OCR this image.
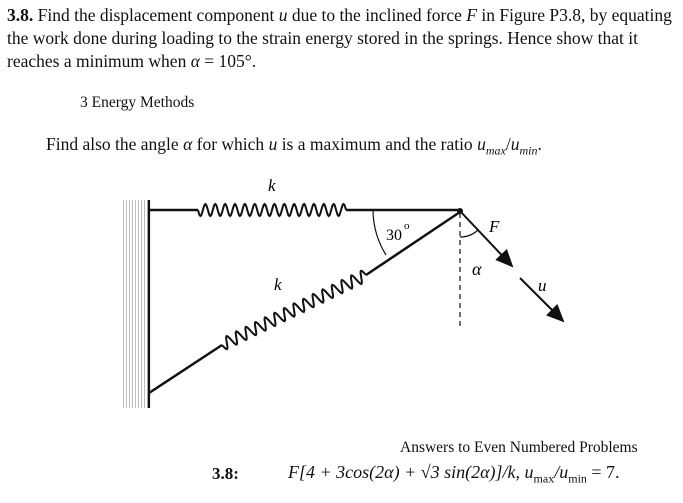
3.8. Find the displacement component u due to the inclined force F in Figure P3.8, by equating the work done during loading to the strain energy stored in the springs. Hence show that it reaches a minimum when α = 105°.
3 Energy Methods
Find also the angle α for which u is a maximum and the ratio $u_{max}/u_{min}$.
k
k
30
o	F
α
u
Answers to Even Numbered Problems
3.8:	F[4 + 3cos(2α) + √3 sin(2α)]/k, $u_{max}/u_{min} = 7$.
